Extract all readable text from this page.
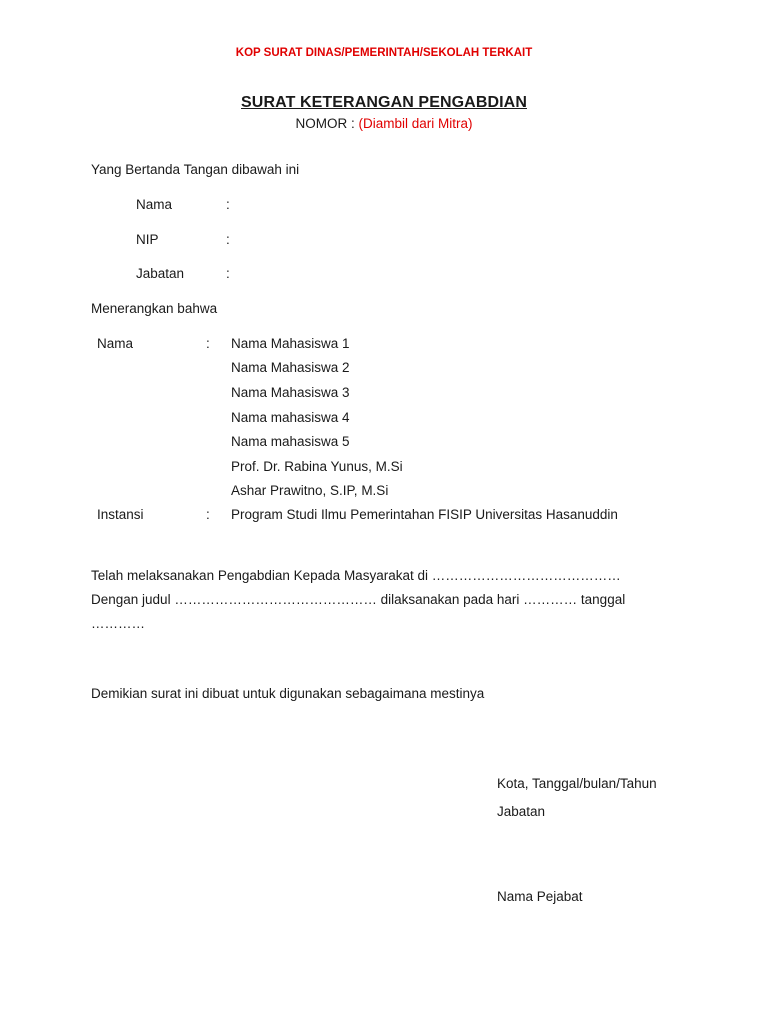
KOP SURAT DINAS/PEMERINTAH/SEKOLAH TERKAIT
SURAT KETERANGAN PENGABDIAN
NOMOR : (Diambil dari Mitra)
Yang Bertanda Tangan dibawah ini
Nama	:
NIP	:
Jabatan	:
Menerangkan bahwa
Nama	: Nama Mahasiswa 1
Nama Mahasiswa 2
Nama Mahasiswa 3
Nama mahasiswa 4
Nama mahasiswa 5
Prof. Dr. Rabina Yunus, M.Si
Ashar Prawitno, S.IP, M.Si
Instansi	: Program Studi Ilmu Pemerintahan FISIP Universitas Hasanuddin
Telah melaksanakan Pengabdian Kepada Masyarakat di ……………………………………
Dengan judul ……………………………………… dilaksanakan pada hari ………… tanggal
…………
Demikian surat ini dibuat untuk digunakan sebagaimana mestinya
Kota, Tanggal/bulan/Tahun
Jabatan
Nama Pejabat
